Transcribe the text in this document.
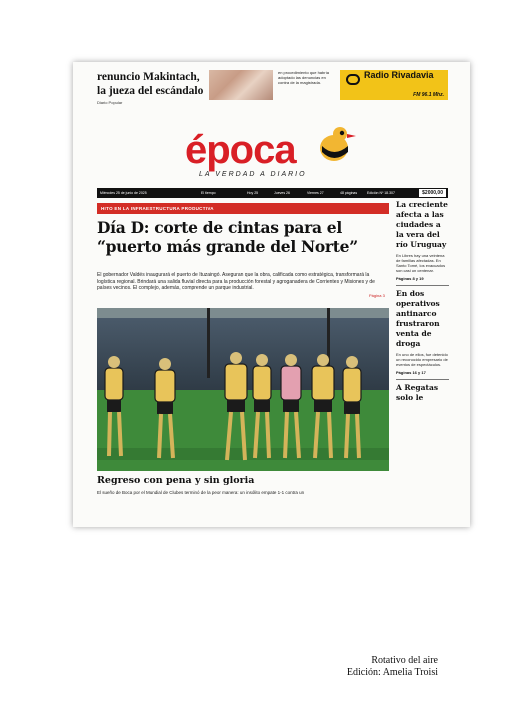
renuncio Makintach, la jueza del escándalo
Diario Popular
en procedimiento que habría adoptado las denuncias en contra de la magistrada.
Radio Rivadavia
FM 96.1 Mhz.
época
LA VERDAD A DIARIO
Miércoles 25 de junio de 2025	El tiempo	Hoy 25	Jueves 26	Viernes 27	48 páginas	Edición Nº 18.307	$2000,00
HITO EN LA INFRAESTRUCTURA PRODUCTIVA
Día D: corte de cintas para el “puerto más grande del Norte”
El gobernador Valdés inaugurará el puerto de Ituzaingó. Aseguran que la obra, calificada como estratégica, transformará la logística regional. Brindará una salida fluvial directa para la producción forestal y agroganadera de Corrientes y Misiones y de países vecinos. El complejo, además, comprende un parque industrial.
Página 3
Regreso con pena y sin gloria
El sueño de Boca por el Mundial de Clubes terminó de la peor manera: un insólito empate 1-1 contra un
La creciente afecta a las ciudades a la vera del río Uruguay
En Libres hay una veintena de familias afectadas. En Santo Tomé, los evacuados son casi un centenar.
Páginas 8 y 19
En dos operativos antinarco frustraron venta de droga
En uno de ellos, fue detenido un reconocido empresario de eventos de espectáculos.
Páginas 16 y 17
A Regatas solo le
Rotativo del aire
Edición: Amelia Troisi
